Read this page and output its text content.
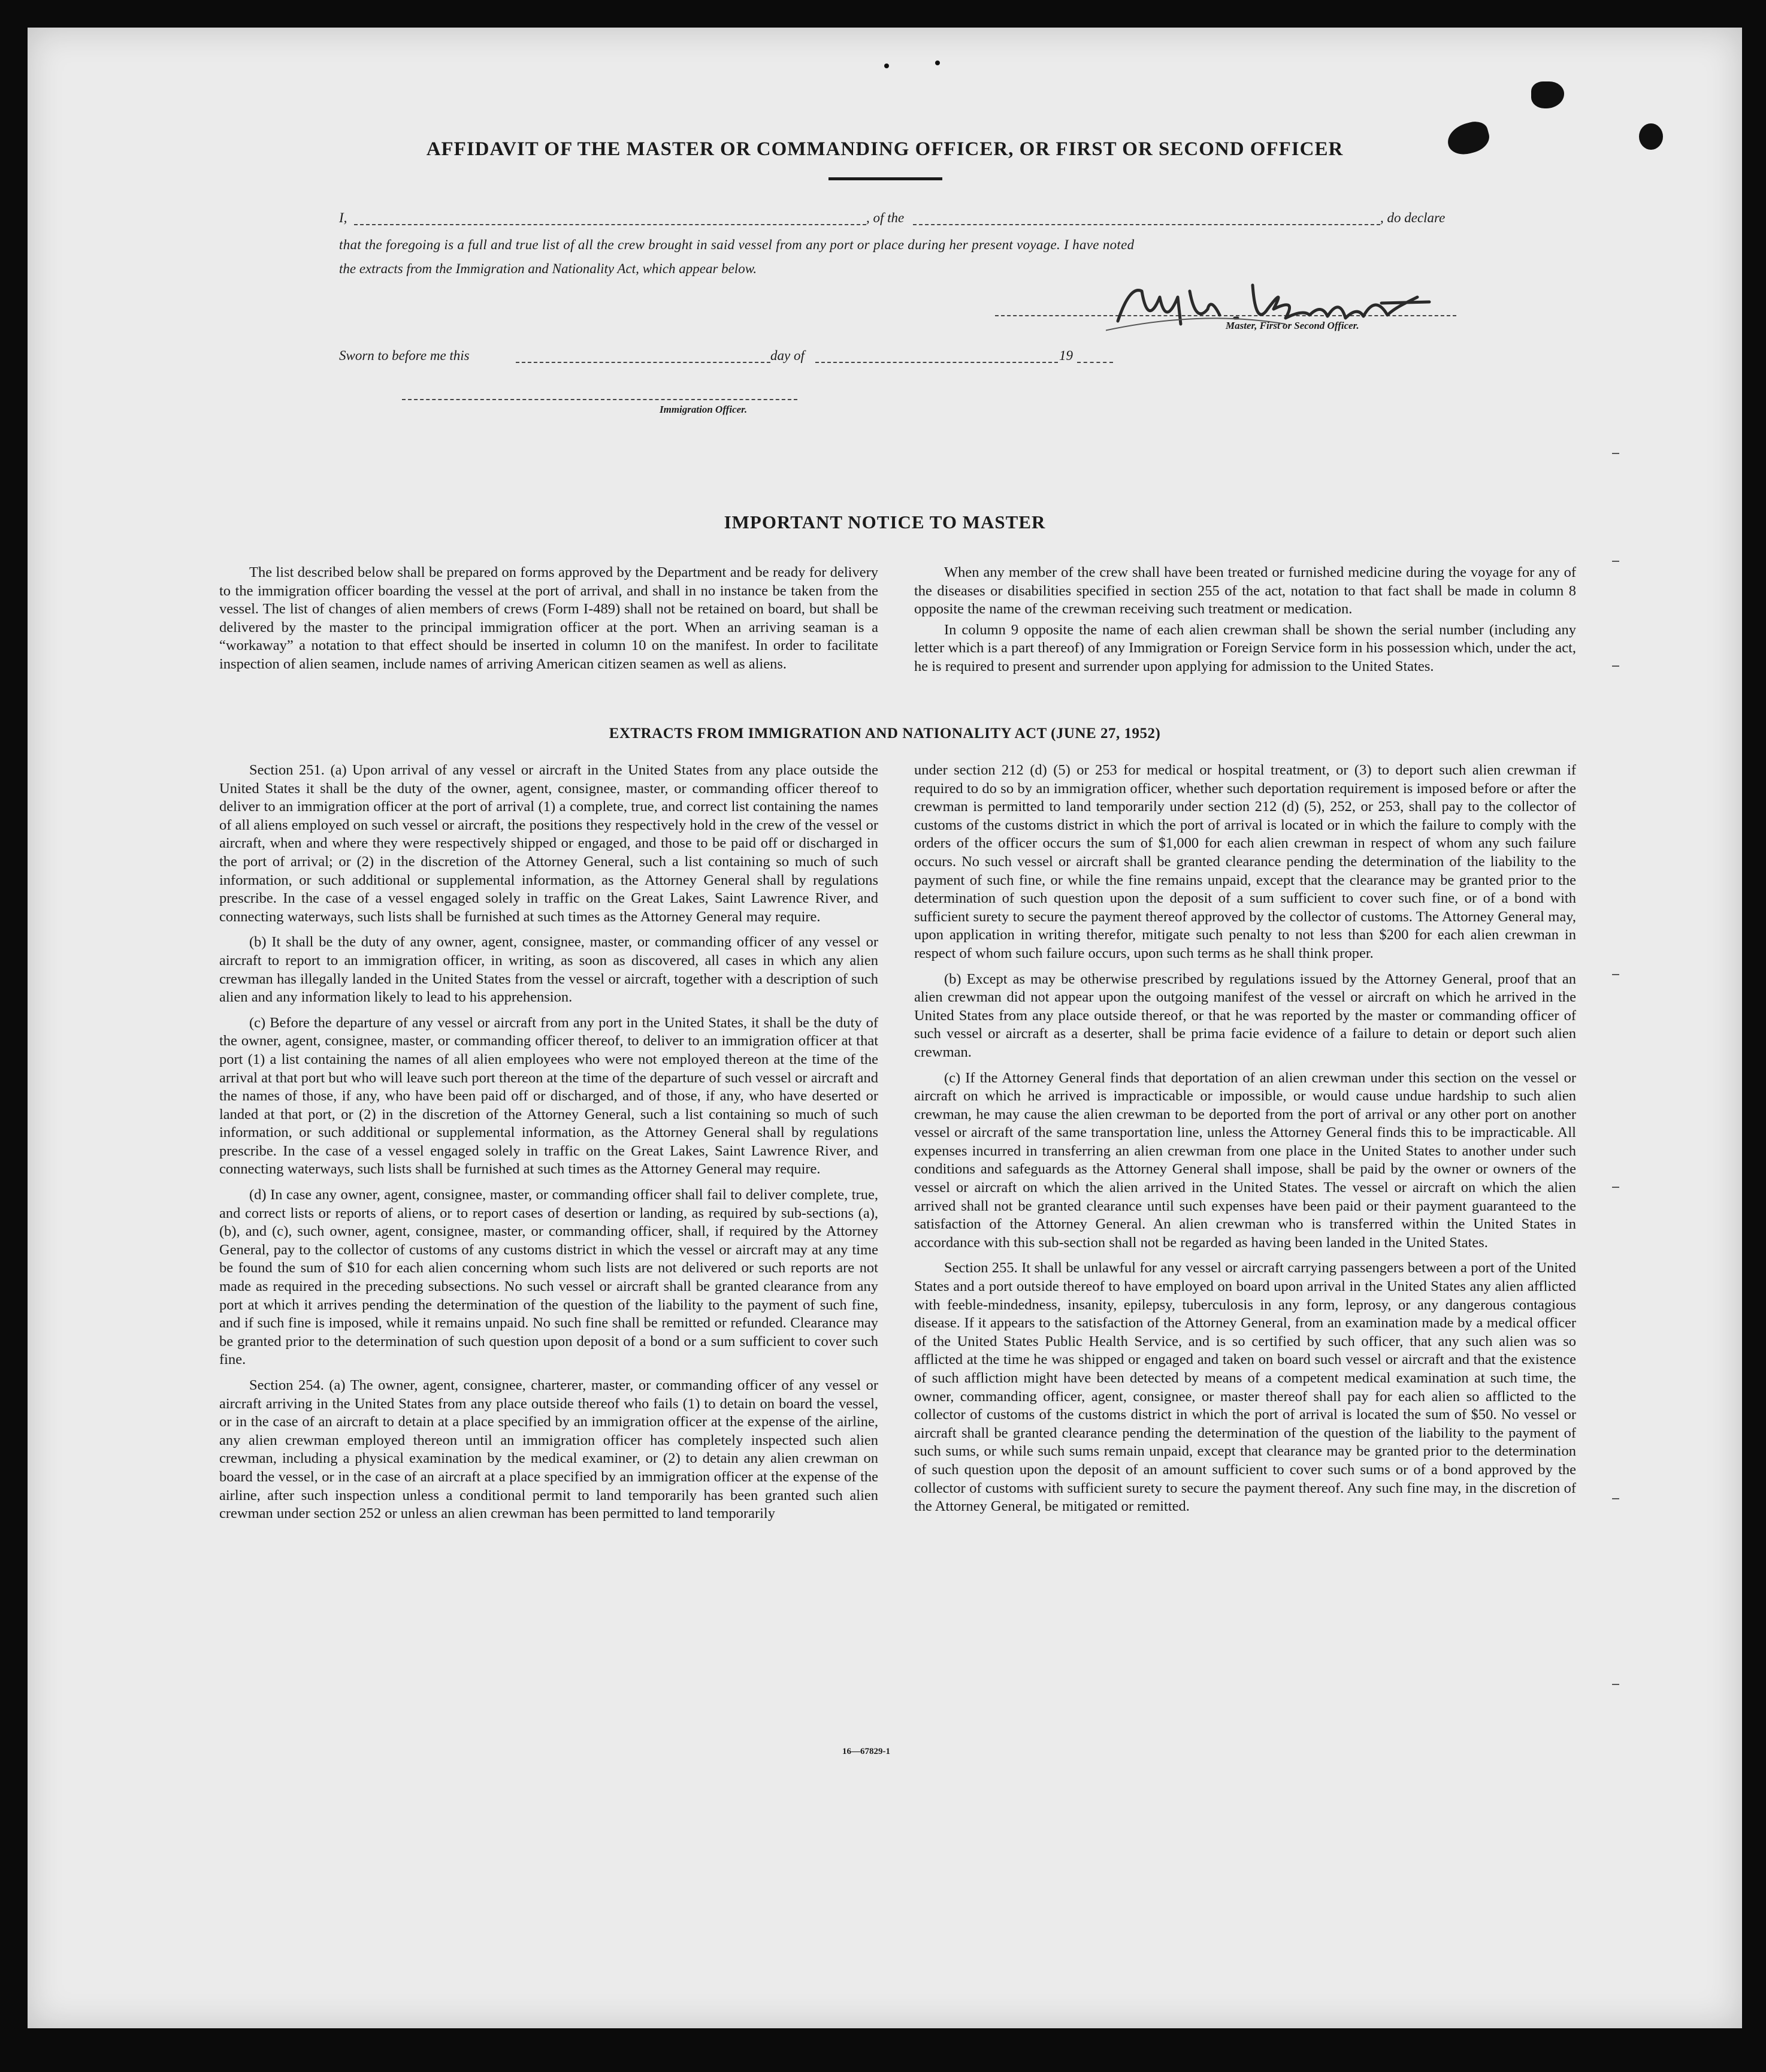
AFFIDAVIT OF THE MASTER OR COMMANDING OFFICER, OR FIRST OR SECOND OFFICER
I,	, of the	, do declare
that the foregoing is a full and true list of all the crew brought in said vessel from any port or place during her present voyage. I have noted
the extracts from the Immigration and Nationality Act, which appear below.
Master, First or Second Officer.
Sworn to before me this	day of	19
Immigration Officer.
IMPORTANT NOTICE TO MASTER

The list described below shall be prepared on forms approved by the Department and be ready for delivery to the immigration officer boarding the vessel at the port of arrival, and shall in no instance be taken from the vessel. The list of changes of alien members of crews (Form I-489) shall not be retained on board, but shall be delivered by the master to the principal immigration officer at the port. When an arriving seaman is a “workaway” a notation to that effect should be inserted in column 10 on the manifest. In order to facilitate inspection of alien seamen, include names of arriving American citizen seamen as well as aliens.

When any member of the crew shall have been treated or furnished medicine during the voyage for any of the diseases or disabilities specified in section 255 of the act, notation to that fact shall be made in column 8 opposite the name of the crewman receiving such treatment or medication.

In column 9 opposite the name of each alien crewman shall be shown the serial number (including any letter which is a part thereof) of any Immigration or Foreign Service form in his possession which, under the act, he is required to present and surrender upon applying for admission to the United States.

EXTRACTS FROM IMMIGRATION AND NATIONALITY ACT (JUNE 27, 1952)

Section 251. (a) Upon arrival of any vessel or aircraft in the United States from any place outside the United States it shall be the duty of the owner, agent, consignee, master, or commanding officer thereof to deliver to an immigration officer at the port of arrival (1) a complete, true, and correct list containing the names of all aliens employed on such vessel or aircraft, the positions they respectively hold in the crew of the vessel or aircraft, when and where they were respectively shipped or engaged, and those to be paid off or discharged in the port of arrival; or (2) in the discretion of the Attorney General, such a list containing so much of such information, or such additional or supplemental information, as the Attorney General shall by regulations prescribe. In the case of a vessel engaged solely in traffic on the Great Lakes, Saint Lawrence River, and connecting waterways, such lists shall be furnished at such times as the Attorney General may require.

(b) It shall be the duty of any owner, agent, consignee, master, or commanding officer of any vessel or aircraft to report to an immigration officer, in writing, as soon as discovered, all cases in which any alien crewman has illegally landed in the United States from the vessel or aircraft, together with a description of such alien and any information likely to lead to his apprehension.

(c) Before the departure of any vessel or aircraft from any port in the United States, it shall be the duty of the owner, agent, consignee, master, or commanding officer thereof, to deliver to an immigration officer at that port (1) a list containing the names of all alien employees who were not employed thereon at the time of the arrival at that port but who will leave such port thereon at the time of the departure of such vessel or aircraft and the names of those, if any, who have been paid off or discharged, and of those, if any, who have deserted or landed at that port, or (2) in the discretion of the Attorney General, such a list containing so much of such information, or such additional or supplemental information, as the Attorney General shall by regulations prescribe. In the case of a vessel engaged solely in traffic on the Great Lakes, Saint Lawrence River, and connecting waterways, such lists shall be furnished at such times as the Attorney General may require.

(d) In case any owner, agent, consignee, master, or commanding officer shall fail to deliver complete, true, and correct lists or reports of aliens, or to report cases of desertion or landing, as required by sub-sections (a), (b), and (c), such owner, agent, consignee, master, or commanding officer, shall, if required by the Attorney General, pay to the collector of customs of any customs district in which the vessel or aircraft may at any time be found the sum of $10 for each alien concerning whom such lists are not delivered or such reports are not made as required in the preceding subsections. No such vessel or aircraft shall be granted clearance from any port at which it arrives pending the determination of the question of the liability to the payment of such fine, and if such fine is imposed, while it remains unpaid. No such fine shall be remitted or refunded. Clearance may be granted prior to the determination of such question upon deposit of a bond or a sum sufficient to cover such fine.

Section 254. (a) The owner, agent, consignee, charterer, master, or commanding officer of any vessel or aircraft arriving in the United States from any place outside thereof who fails (1) to detain on board the vessel, or in the case of an aircraft to detain at a place specified by an immigration officer at the expense of the airline, any alien crewman employed thereon until an immigration officer has completely inspected such alien crewman, including a physical examination by the medical examiner, or (2) to detain any alien crewman on board the vessel, or in the case of an aircraft at a place specified by an immigration officer at the expense of the airline, after such inspection unless a conditional permit to land temporarily has been granted such alien crewman under section 252 or unless an alien crewman has been permitted to land temporarily

under section 212 (d) (5) or 253 for medical or hospital treatment, or (3) to deport such alien crewman if required to do so by an immigration officer, whether such deportation requirement is imposed before or after the crewman is permitted to land temporarily under section 212 (d) (5), 252, or 253, shall pay to the collector of customs of the customs district in which the port of arrival is located or in which the failure to comply with the orders of the officer occurs the sum of $1,000 for each alien crewman in respect of whom any such failure occurs. No such vessel or aircraft shall be granted clearance pending the determination of the liability to the payment of such fine, or while the fine remains unpaid, except that the clearance may be granted prior to the determination of such question upon the deposit of a sum sufficient to cover such fine, or of a bond with sufficient surety to secure the payment thereof approved by the collector of customs. The Attorney General may, upon application in writing therefor, mitigate such penalty to not less than $200 for each alien crewman in respect of whom such failure occurs, upon such terms as he shall think proper.

(b) Except as may be otherwise prescribed by regulations issued by the Attorney General, proof that an alien crewman did not appear upon the outgoing manifest of the vessel or aircraft on which he arrived in the United States from any place outside thereof, or that he was reported by the master or commanding officer of such vessel or aircraft as a deserter, shall be prima facie evidence of a failure to detain or deport such alien crewman.

(c) If the Attorney General finds that deportation of an alien crewman under this section on the vessel or aircraft on which he arrived is impracticable or impossible, or would cause undue hardship to such alien crewman, he may cause the alien crewman to be deported from the port of arrival or any other port on another vessel or aircraft of the same transportation line, unless the Attorney General finds this to be impracticable. All expenses incurred in transferring an alien crewman from one place in the United States to another under such conditions and safeguards as the Attorney General shall impose, shall be paid by the owner or owners of the vessel or aircraft on which the alien arrived in the United States. The vessel or aircraft on which the alien arrived shall not be granted clearance until such expenses have been paid or their payment guaranteed to the satisfaction of the Attorney General. An alien crewman who is transferred within the United States in accordance with this sub-section shall not be regarded as having been landed in the United States.

Section 255. It shall be unlawful for any vessel or aircraft carrying passengers between a port of the United States and a port outside thereof to have employed on board upon arrival in the United States any alien afflicted with feeble-mindedness, insanity, epilepsy, tuberculosis in any form, leprosy, or any dangerous contagious disease. If it appears to the satisfaction of the Attorney General, from an examination made by a medical officer of the United States Public Health Service, and is so certified by such officer, that any such alien was so afflicted at the time he was shipped or engaged and taken on board such vessel or aircraft and that the existence of such affliction might have been detected by means of a competent medical examination at such time, the owner, commanding officer, agent, consignee, or master thereof shall pay for each alien so afflicted to the collector of customs of the customs district in which the port of arrival is located the sum of $50. No vessel or aircraft shall be granted clearance pending the determination of the question of the liability to the payment of such sums, or while such sums remain unpaid, except that clearance may be granted prior to the determination of such question upon the deposit of an amount sufficient to cover such sums or of a bond approved by the collector of customs with sufficient surety to secure the payment thereof. Any such fine may, in the discretion of the Attorney General, be mitigated or remitted.

16—67829-1
